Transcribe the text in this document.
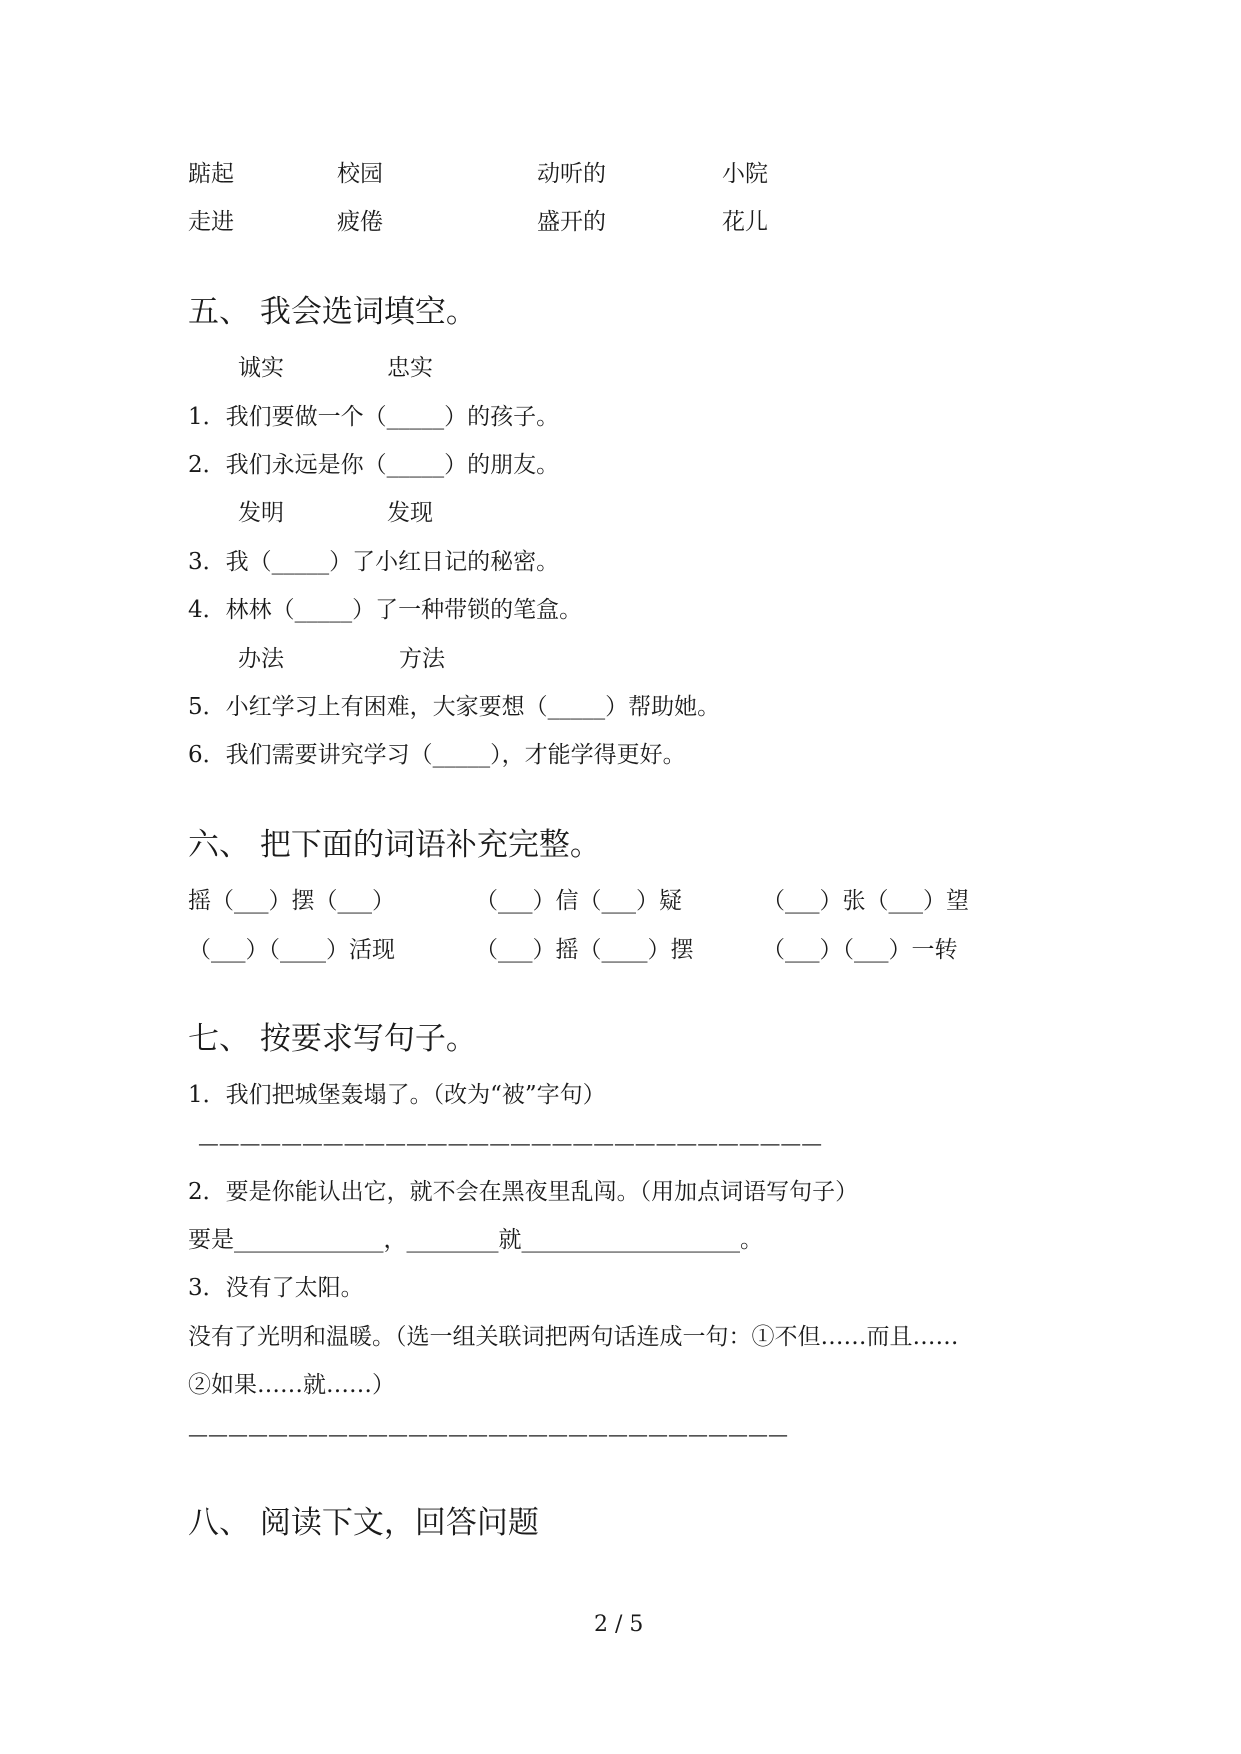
踮起	校园	动听的	小院
走进	疲倦	盛开的	花儿
五、 我会选词填空。
诚实	忠实
1．我们要做一个（_____）的孩子。
2．我们永远是你（_____）的朋友。
发明	发现
3．我（_____）了小红日记的秘密。
4．林林（_____）了一种带锁的笔盒。
办法	方法
5．小红学习上有困难，大家要想（_____）帮助她。
6．我们需要讲究学习（_____），才能学得更好。
六、 把下面的词语补充完整。
摇（___）摆（___）	（___）信（___）疑	（___）张（___）望
（___）（____）活现	（___）摇（____）摆	（___）（___）一转
七、 按要求写句子。
1．我们把城堡轰塌了。（改为“被”字句）
——————————————————————————————
2．要是你能认出它，就不会在黑夜里乱闯。（用加点词语写句子）
要是_____________，________就___________________。
3．没有了太阳。
没有了光明和温暖。（选一组关联词把两句话连成一句：①不但……而且……
②如果……就……）
——————————————————————————————
八、 阅读下文，回答问题
2 / 5
